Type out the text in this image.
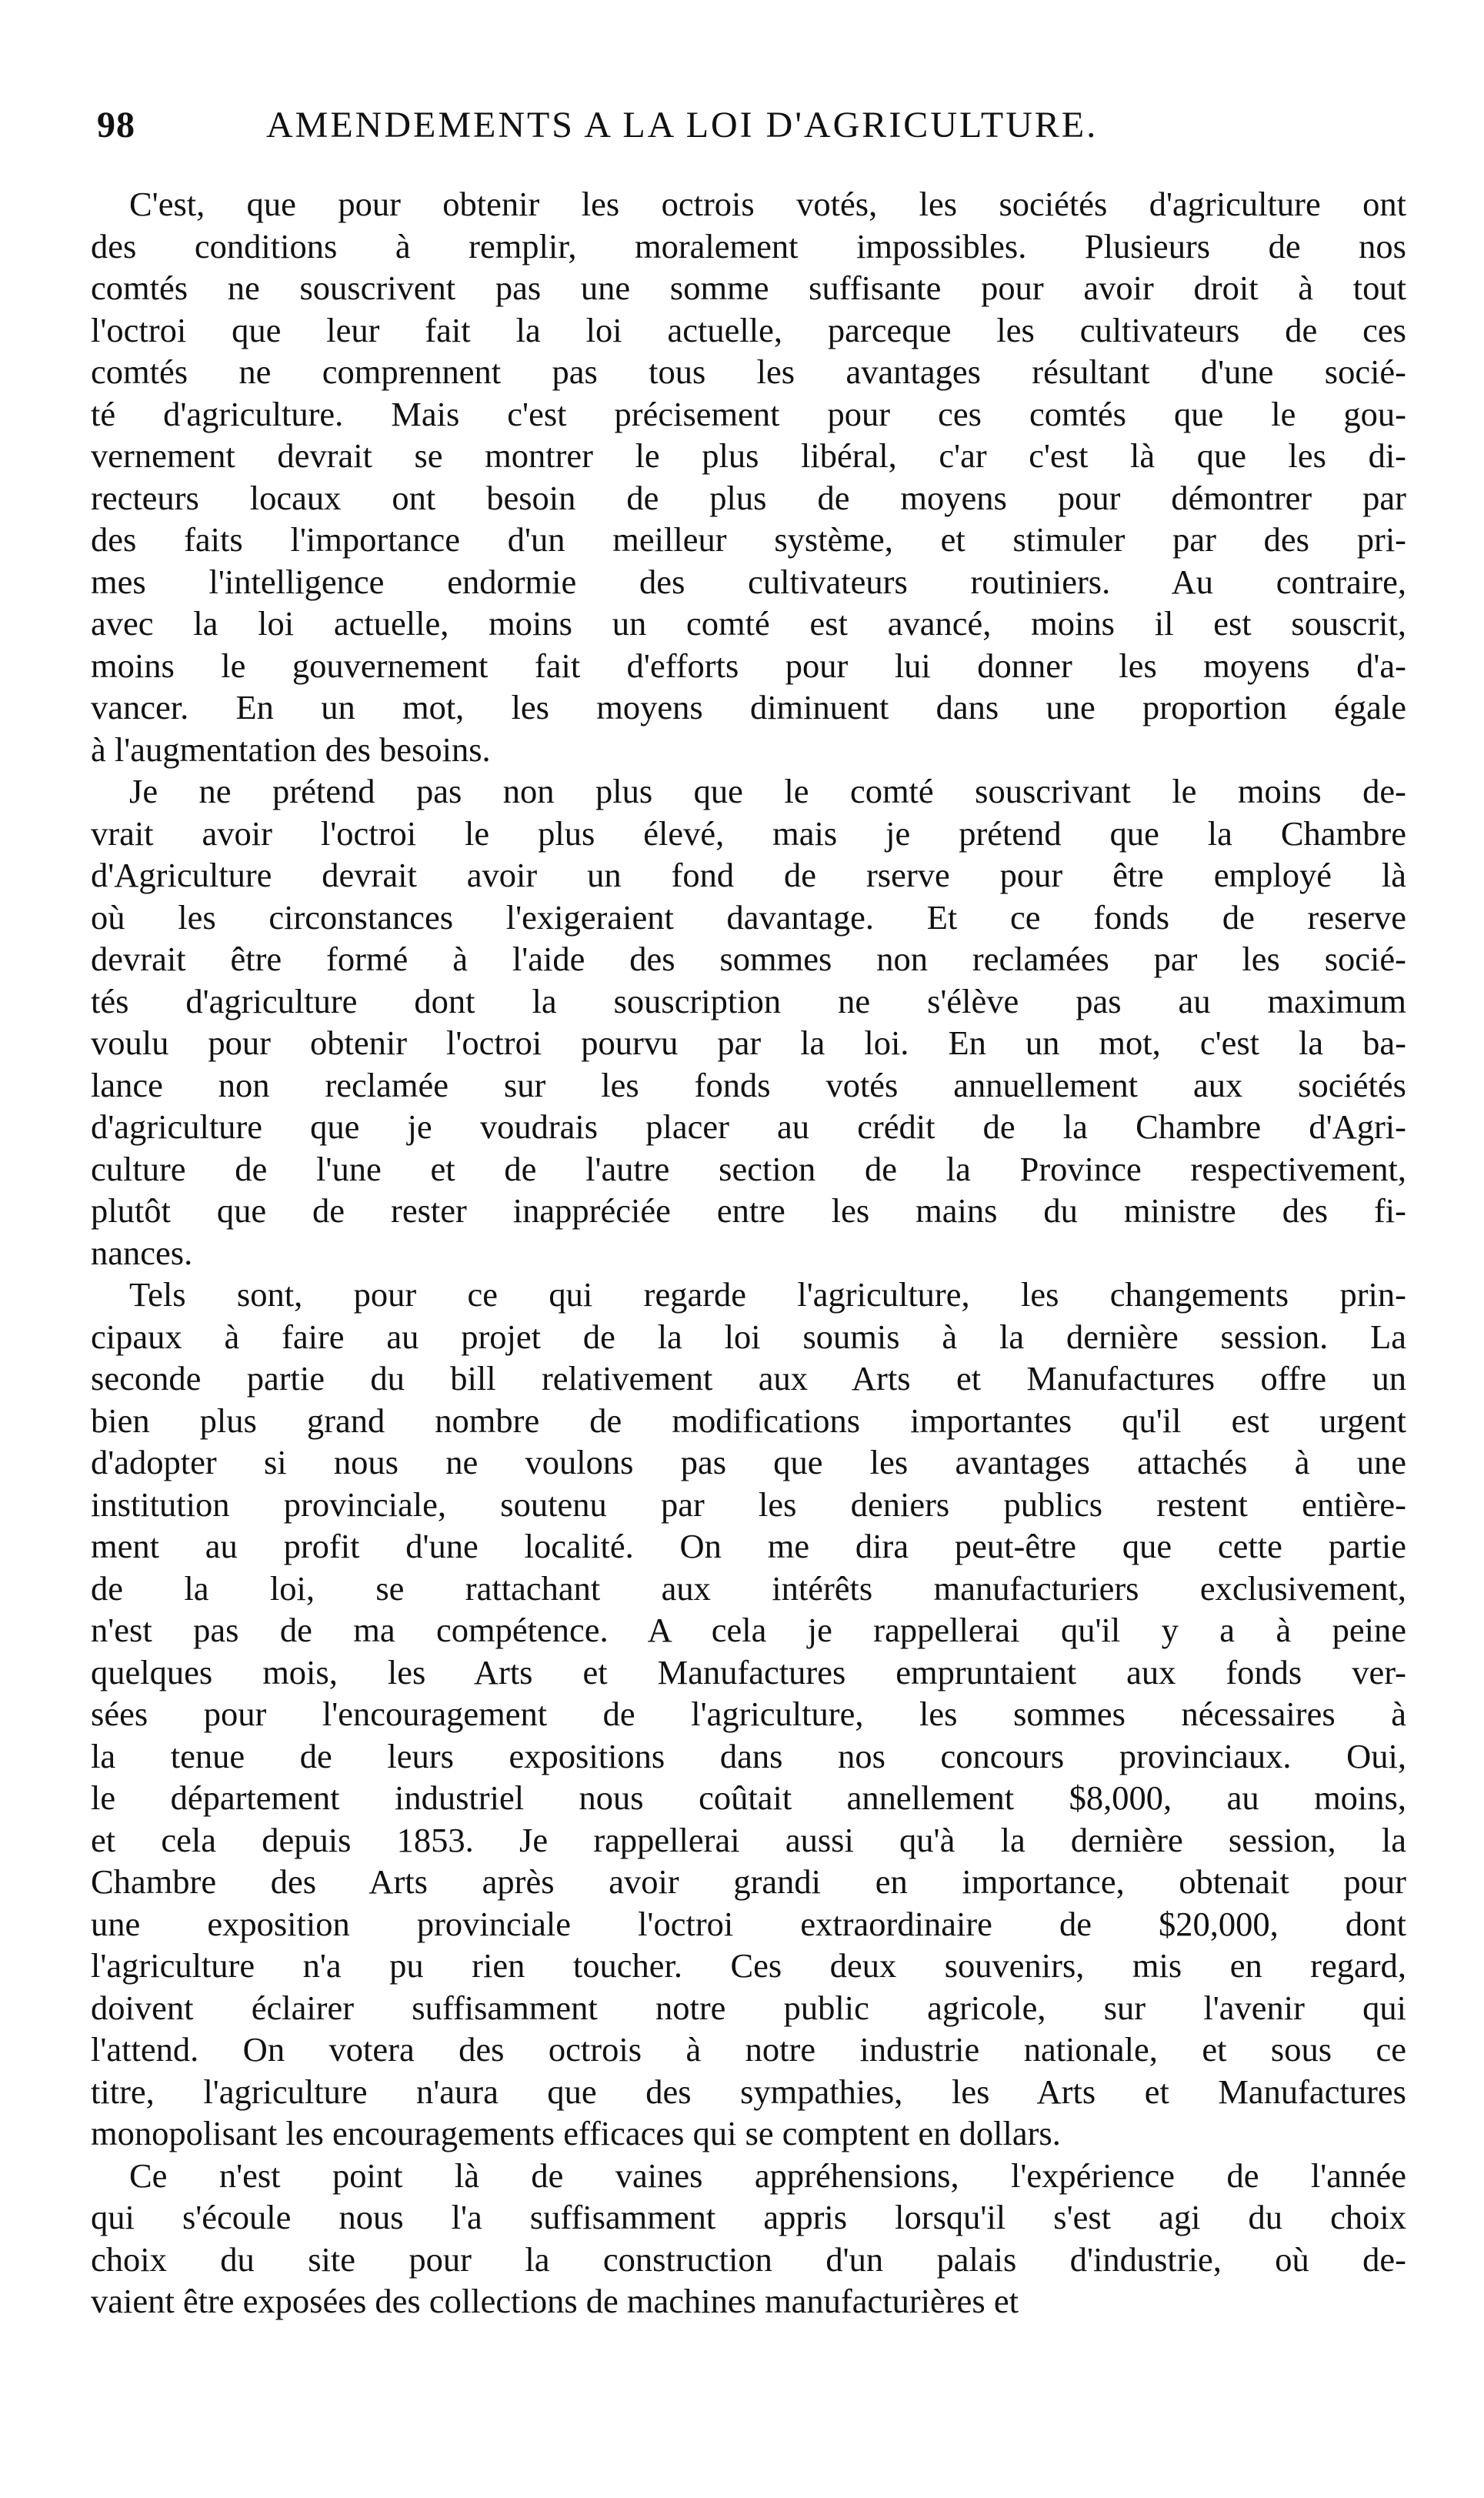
98	AMENDEMENTS A LA LOI D'AGRICULTURE.
C'est, que pour obtenir les octrois votés, les sociétés d'agriculture ont
des conditions à remplir, moralement impossibles. Plusieurs de nos
comtés ne souscrivent pas une somme suffisante pour avoir droit à tout
l'octroi que leur fait la loi actuelle, parceque les cultivateurs de ces
comtés ne comprennent pas tous les avantages résultant d'une socié-
té d'agriculture. Mais c'est précisement pour ces comtés que le gou-
vernement devrait se montrer le plus libéral, c'ar c'est là que les di-
recteurs locaux ont besoin de plus de moyens pour démontrer par
des faits l'importance d'un meilleur système, et stimuler par des pri-
mes l'intelligence endormie des cultivateurs routiniers. Au contraire,
avec la loi actuelle, moins un comté est avancé, moins il est souscrit,
moins le gouvernement fait d'efforts pour lui donner les moyens d'a-
vancer. En un mot, les moyens diminuent dans une proportion égale
à l'augmentation des besoins.
Je ne prétend pas non plus que le comté souscrivant le moins de-
vrait avoir l'octroi le plus élevé, mais je prétend que la Chambre
d'Agriculture devrait avoir un fond de rserve pour être employé là
où les circonstances l'exigeraient davantage. Et ce fonds de reserve
devrait être formé à l'aide des sommes non reclamées par les socié-
tés d'agriculture dont la souscription ne s'élève pas au maximum
voulu pour obtenir l'octroi pourvu par la loi. En un mot, c'est la ba-
lance non reclamée sur les fonds votés annuellement aux sociétés
d'agriculture que je voudrais placer au crédit de la Chambre d'Agri-
culture de l'une et de l'autre section de la Province respectivement,
plutôt que de rester inappréciée entre les mains du ministre des fi-
nances.
Tels sont, pour ce qui regarde l'agriculture, les changements prin-
cipaux à faire au projet de la loi soumis à la dernière session. La
seconde partie du bill relativement aux Arts et Manufactures offre un
bien plus grand nombre de modifications importantes qu'il est urgent
d'adopter si nous ne voulons pas que les avantages attachés à une
institution provinciale, soutenu par les deniers publics restent entière-
ment au profit d'une localité. On me dira peut-être que cette partie
de la loi, se rattachant aux intérêts manufacturiers exclusivement,
n'est pas de ma compétence. A cela je rappellerai qu'il y a à peine
quelques mois, les Arts et Manufactures empruntaient aux fonds ver-
sées pour l'encouragement de l'agriculture, les sommes nécessaires à
la tenue de leurs expositions dans nos concours provinciaux. Oui,
le département industriel nous coûtait annellement $8,000, au moins,
et cela depuis 1853. Je rappellerai aussi qu'à la dernière session, la
Chambre des Arts après avoir grandi en importance, obtenait pour
une exposition provinciale l'octroi extraordinaire de $20,000, dont
l'agriculture n'a pu rien toucher. Ces deux souvenirs, mis en regard,
doivent éclairer suffisamment notre public agricole, sur l'avenir qui
l'attend. On votera des octrois à notre industrie nationale, et sous ce
titre, l'agriculture n'aura que des sympathies, les Arts et Manufactures
monopolisant les encouragements efficaces qui se comptent en dollars.
Ce n'est point là de vaines appréhensions, l'expérience de l'année
qui s'écoule nous l'a suffisamment appris lorsqu'il s'est agi du choix
choix du site pour la construction d'un palais d'industrie, où de-
vaient être exposées des collections de machines manufacturières et
